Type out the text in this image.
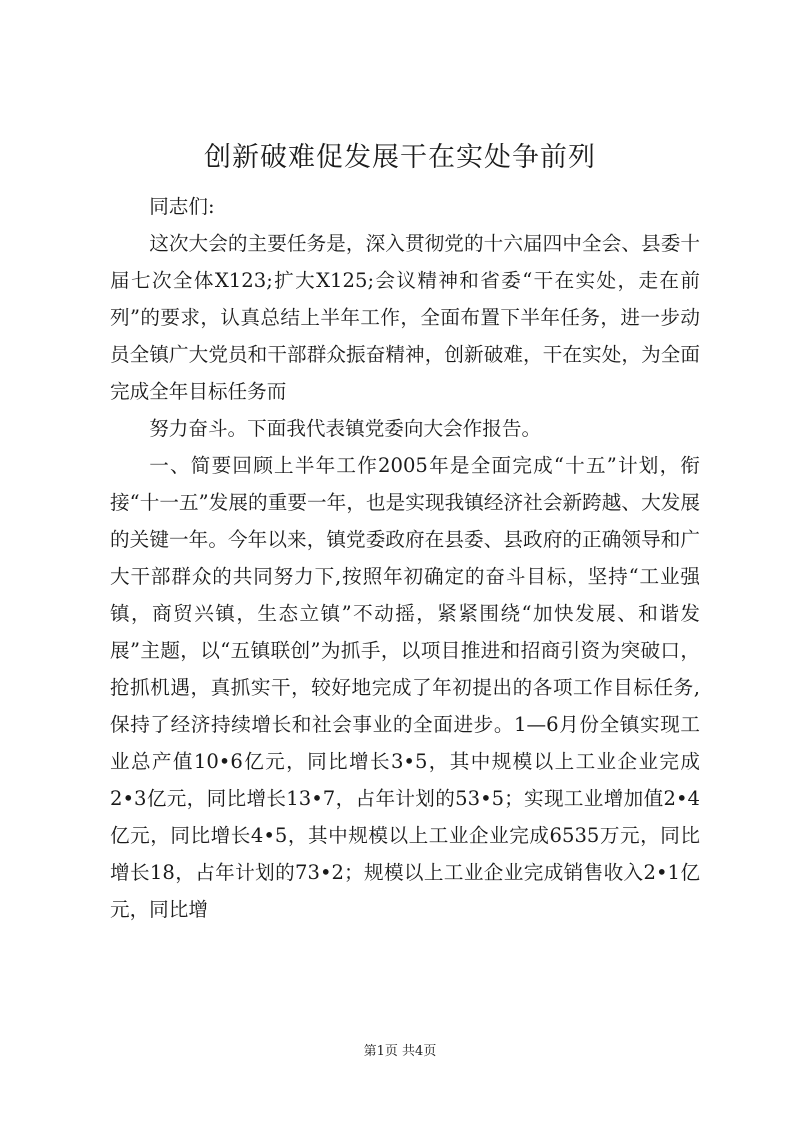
创新破难促发展干在实处争前列

同志们:

这次大会的主要任务是，深入贯彻党的十六届四中全会、县委十届七次全体X123;扩大X125;会议精神和省委“干在实处，走在前列”的要求，认真总结上半年工作，全面布置下半年任务，进一步动员全镇广大党员和干部群众振奋精神，创新破难，干在实处，为全面完成全年目标任务而

努力奋斗。下面我代表镇党委向大会作报告。

一、简要回顾上半年工作2005年是全面完成“十五”计划，衔接“十一五”发展的重要一年，也是实现我镇经济社会新跨越、大发展的关键一年。今年以来，镇党委政府在县委、县政府的正确领导和广大干部群众的共同努力下,按照年初确定的奋斗目标，坚持“工业强镇，商贸兴镇，生态立镇”不动摇，紧紧围绕“加快发展、和谐发展”主题，以“五镇联创”为抓手，以项目推进和招商引资为突破口，抢抓机遇，真抓实干，较好地完成了年初提出的各项工作目标任务,保持了经济持续增长和社会事业的全面进步。1—6月份全镇实现工业总产值10•6亿元，同比增长3•5，其中规模以上工业企业完成2•3亿元，同比增长13•7，占年计划的53•5；实现工业增加值2•4亿元，同比增长4•5，其中规模以上工业企业完成6535万元，同比增长18，占年计划的73•2；规模以上工业企业完成销售收入2•1亿元，同比增

第1页 共4页
